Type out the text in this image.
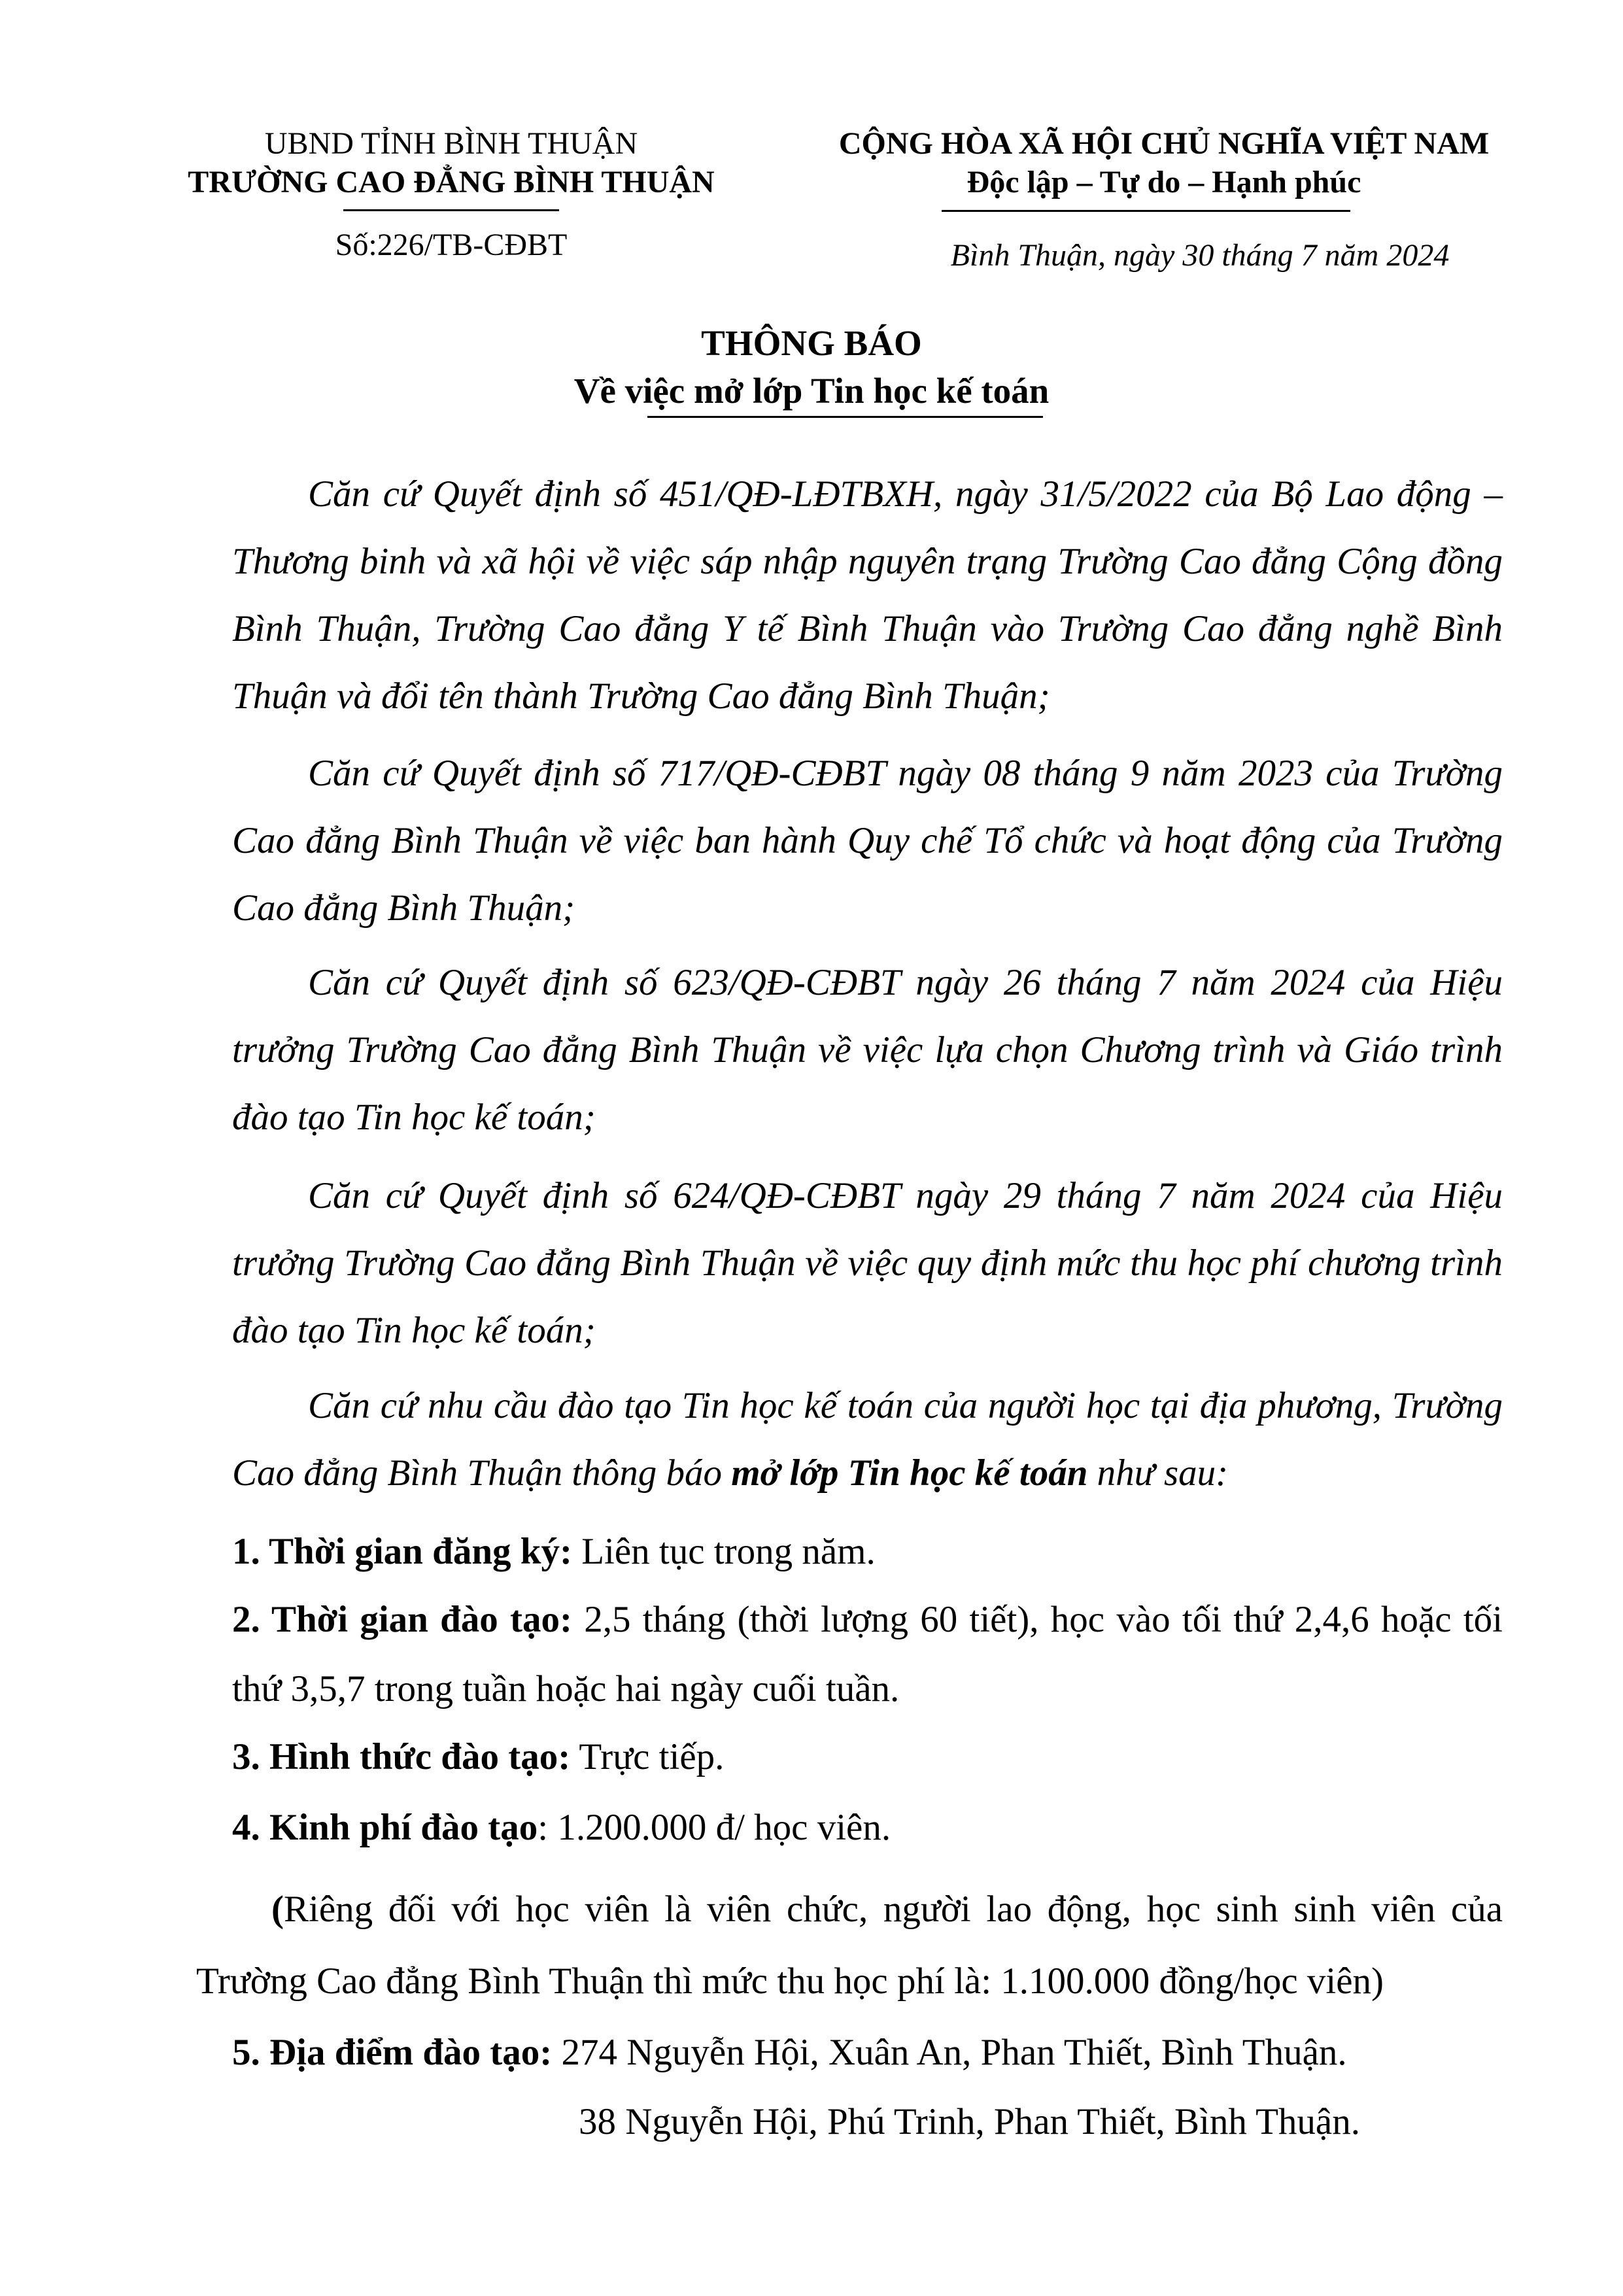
UBND TỈNH BÌNH THUẬN
TRƯỜNG CAO ĐẲNG BÌNH THUẬN
Số:226/TB-CĐBT
CỘNG HÒA XÃ HỘI CHỦ NGHĨA VIỆT NAM
Độc lập – Tự do – Hạnh phúc
Bình Thuận, ngày 30 tháng 7 năm 2024
THÔNG BÁO
Về việc mở lớp Tin học kế toán
Căn cứ Quyết định số 451/QĐ-LĐTBXH, ngày 31/5/2022 của Bộ Lao động – Thương binh và xã hội về việc sáp nhập nguyên trạng Trường Cao đẳng Cộng đồng Bình Thuận, Trường Cao đẳng Y tế Bình Thuận vào Trường Cao đẳng nghề Bình Thuận và đổi tên thành Trường Cao đẳng Bình Thuận;
Căn cứ Quyết định số 717/QĐ-CĐBT ngày 08 tháng 9 năm 2023 của Trường Cao đẳng Bình Thuận về việc ban hành Quy chế Tổ chức và hoạt động của Trường Cao đẳng Bình Thuận;
Căn cứ Quyết định số 623/QĐ-CĐBT ngày 26 tháng 7 năm 2024 của Hiệu trưởng Trường Cao đẳng Bình Thuận về việc lựa chọn Chương trình và Giáo trình đào tạo Tin học kế toán;
Căn cứ Quyết định số 624/QĐ-CĐBT ngày 29 tháng 7 năm 2024 của Hiệu trưởng Trường Cao đẳng Bình Thuận về việc quy định mức thu học phí chương trình đào tạo Tin học kế toán;
Căn cứ nhu cầu đào tạo Tin học kế toán của người học tại địa phương, Trường Cao đẳng Bình Thuận thông báo mở lớp Tin học kế toán như sau:
1. Thời gian đăng ký: Liên tục trong năm.
2. Thời gian đào tạo: 2,5 tháng (thời lượng 60 tiết), học vào tối thứ 2,4,6 hoặc tối thứ 3,5,7 trong tuần hoặc hai ngày cuối tuần.
3. Hình thức đào tạo: Trực tiếp.
4. Kinh phí đào tạo: 1.200.000 đ/ học viên.
(Riêng đối với học viên là viên chức, người lao động, học sinh sinh viên của Trường Cao đẳng Bình Thuận thì mức thu học phí là: 1.100.000 đồng/học viên)
5. Địa điểm đào tạo: 274 Nguyễn Hội, Xuân An, Phan Thiết, Bình Thuận.
38 Nguyễn Hội, Phú Trinh, Phan Thiết, Bình Thuận.
